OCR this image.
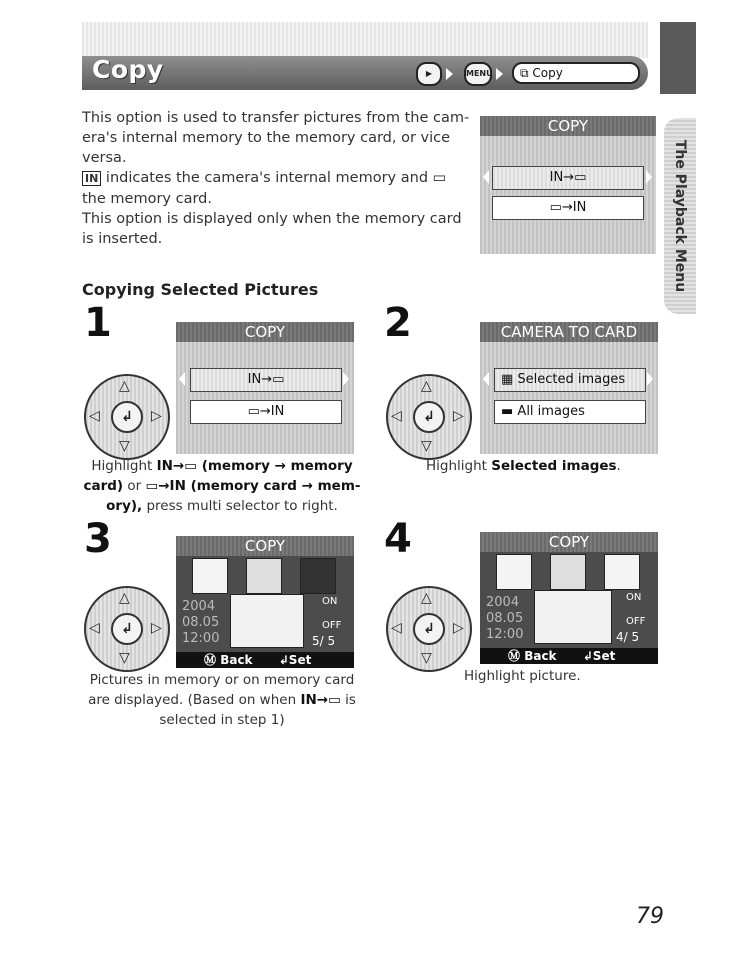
Copy	▶	MENU	⧉ Copy
The Playback Menu
This option is used to transfer pictures from the cam-
era's internal memory to the memory card, or vice
versa.
IN indicates the camera's internal memory and ▭
the memory card.
This option is displayed only when the memory card
is inserted.
COPY
IN→▭
▭→IN
Copying Selected Pictures
1	COPY
IN→▭
▭→IN
△
▽
◁	▷
↲
Highlight IN→▭ (memory → memory card) or ▭→IN (memory card → mem- ory), press multi selector to right.
2	CAMERA TO CARD
▦ Selected images
▬ All images
△
▽
◁	▷
↲
Highlight Selected images.
3	COPY
2004
08.05
12:00
ON
OFF
5/ 5
Ⓜ Back ↲Set
△
▽
◁	▷
↲
Pictures in memory or on memory card
are displayed. (Based on when IN→▭ is
selected in step 1)
4	COPY
2004
08.05
12:00
ON
OFF
4/ 5
Ⓜ Back ↲Set
△
▽
◁	▷
↲
Highlight picture.
79
